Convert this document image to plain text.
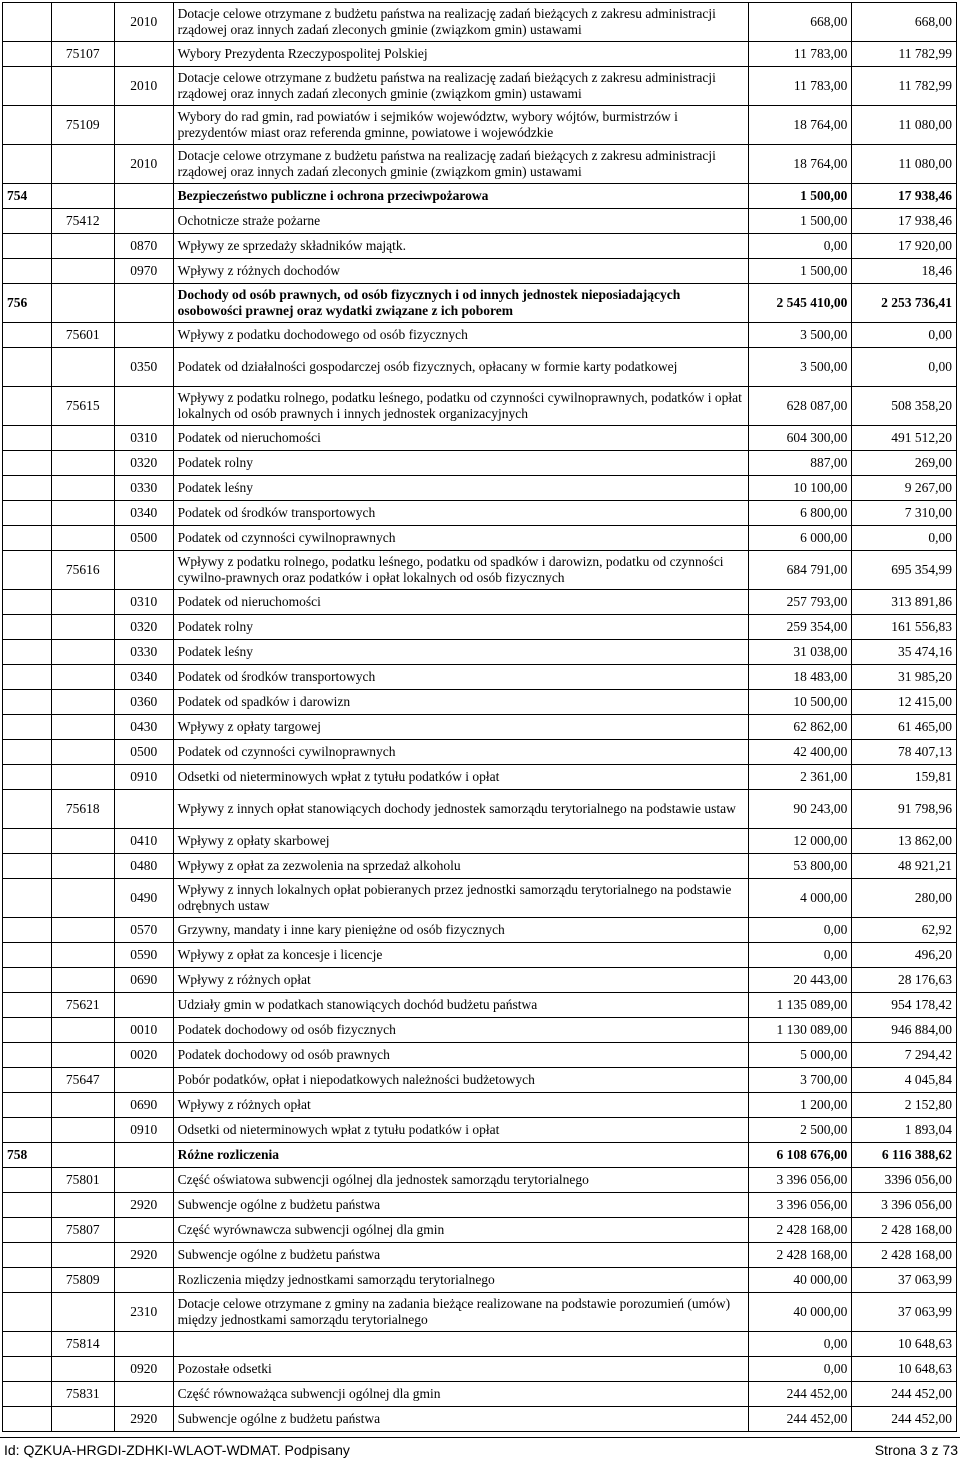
		2010	Dotacje celowe otrzymane z budżetu państwa na realizację zadań bieżących z zakresu administracji rządowej oraz innych zadań zleconych gminie (związkom gmin) ustawami	668,00	668,00
	75107		Wybory Prezydenta Rzeczypospolitej Polskiej	11 783,00	11 782,99
		2010	Dotacje celowe otrzymane z budżetu państwa na realizację zadań bieżących z zakresu administracji rządowej oraz innych zadań zleconych gminie (związkom gmin) ustawami	11 783,00	11 782,99
	75109		Wybory do rad gmin, rad powiatów i sejmików województw, wybory wójtów, burmistrzów i prezydentów miast oraz referenda gminne, powiatowe i wojewódzkie	18 764,00	11 080,00
		2010	Dotacje celowe otrzymane z budżetu państwa na realizację zadań bieżących z zakresu administracji rządowej oraz innych zadań zleconych gminie (związkom gmin) ustawami	18 764,00	11 080,00
754			Bezpieczeństwo publiczne i ochrona przeciwpożarowa	1 500,00	17 938,46
	75412		Ochotnicze straże pożarne	1 500,00	17 938,46
		0870	Wpływy ze sprzedaży składników majątk.	0,00	17 920,00
		0970	Wpływy z różnych dochodów	1 500,00	18,46
756			Dochody od osób prawnych, od osób fizycznych i od innych jednostek nieposiadających osobowości prawnej oraz wydatki związane z ich poborem	2 545 410,00	2 253 736,41
	75601		Wpływy z podatku dochodowego od osób fizycznych	3 500,00	0,00
		0350	Podatek od działalności gospodarczej osób fizycznych, opłacany w formie karty podatkowej	3 500,00	0,00
	75615		Wpływy z podatku rolnego, podatku leśnego, podatku od czynności cywilnoprawnych, podatków i opłat lokalnych od osób prawnych i innych jednostek organizacyjnych	628 087,00	508 358,20
		0310	Podatek od nieruchomości	604 300,00	491 512,20
		0320	Podatek rolny	887,00	269,00
		0330	Podatek leśny	10 100,00	9 267,00
		0340	Podatek od środków transportowych	6 800,00	7 310,00
		0500	Podatek od czynności cywilnoprawnych	6 000,00	0,00
	75616		Wpływy z podatku rolnego, podatku leśnego, podatku od spadków i darowizn, podatku od czynności cywilno-prawnych oraz podatków i opłat lokalnych od osób fizycznych	684 791,00	695 354,99
		0310	Podatek od nieruchomości	257 793,00	313 891,86
		0320	Podatek rolny	259 354,00	161 556,83
		0330	Podatek leśny	31 038,00	35 474,16
		0340	Podatek od środków transportowych	18 483,00	31 985,20
		0360	Podatek od spadków i darowizn	10 500,00	12 415,00
		0430	Wpływy z opłaty targowej	62 862,00	61 465,00
		0500	Podatek od czynności cywilnoprawnych	42 400,00	78 407,13
		0910	Odsetki od nieterminowych wpłat z tytułu podatków i opłat	2 361,00	159,81
	75618		Wpływy z innych opłat stanowiących dochody jednostek samorządu terytorialnego na podstawie ustaw	90 243,00	91 798,96
		0410	Wpływy z opłaty skarbowej	12 000,00	13 862,00
		0480	Wpływy z opłat za zezwolenia na sprzedaż alkoholu	53 800,00	48 921,21
		0490	Wpływy z innych lokalnych opłat pobieranych przez jednostki samorządu terytorialnego na podstawie odrębnych ustaw	4 000,00	280,00
		0570	Grzywny, mandaty i inne kary pieniężne od osób fizycznych	0,00	62,92
		0590	Wpływy z opłat za koncesje i licencje	0,00	496,20
		0690	Wpływy z różnych opłat	20 443,00	28 176,63
	75621		Udziały gmin w podatkach stanowiących dochód budżetu państwa	1 135 089,00	954 178,42
		0010	Podatek dochodowy od osób fizycznych	1 130 089,00	946 884,00
		0020	Podatek dochodowy od osób prawnych	5 000,00	7 294,42
	75647		Pobór podatków, opłat i niepodatkowych należności budżetowych	3 700,00	4 045,84
		0690	Wpływy z różnych opłat	1 200,00	2 152,80
		0910	Odsetki od nieterminowych wpłat z tytułu podatków i opłat	2 500,00	1 893,04
758			Różne rozliczenia	6 108 676,00	6 116 388,62
	75801		Część oświatowa subwencji ogólnej dla jednostek samorządu terytorialnego	3 396 056,00	3396 056,00
		2920	Subwencje ogólne z budżetu państwa	3 396 056,00	3 396 056,00
	75807		Część wyrównawcza subwencji ogólnej dla gmin	2 428 168,00	2 428 168,00
		2920	Subwencje ogólne z budżetu państwa	2 428 168,00	2 428 168,00
	75809		Rozliczenia między jednostkami samorządu terytorialnego	40 000,00	37 063,99
		2310	Dotacje celowe otrzymane z gminy na zadania bieżące realizowane na podstawie porozumień (umów) między jednostkami samorządu terytorialnego	40 000,00	37 063,99
	75814			0,00	10 648,63
		0920	Pozostałe odsetki	0,00	10 648,63
	75831		Część równoważąca subwencji ogólnej dla gmin	244 452,00	244 452,00
		2920	Subwencje ogólne z budżetu państwa	244 452,00	244 452,00
Id: QZKUA-HRGDI-ZDHKI-WLAOT-WDMAT. Podpisany	Strona 3 z 73
